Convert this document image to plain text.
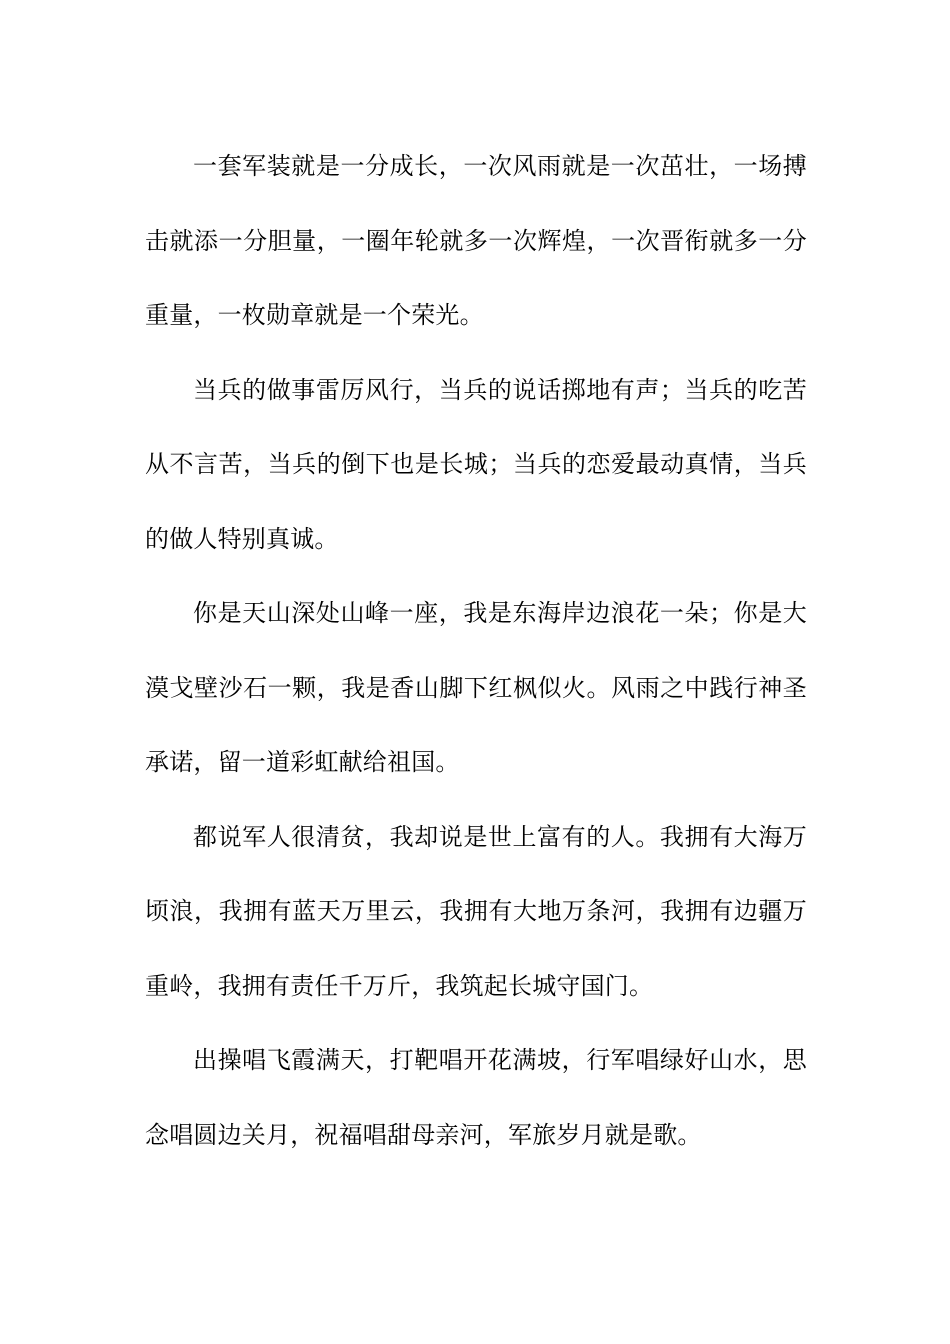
一套军装就是一分成长，一次风雨就是一次茁壮，一场搏击就添一分胆量，一圈年轮就多一次辉煌，一次晋衔就多一分重量，一枚勋章就是一个荣光。

当兵的做事雷厉风行，当兵的说话掷地有声；当兵的吃苦从不言苦，当兵的倒下也是长城；当兵的恋爱最动真情，当兵的做人特别真诚。

你是天山深处山峰一座，我是东海岸边浪花一朵；你是大漠戈壁沙石一颗，我是香山脚下红枫似火。风雨之中践行神圣承诺，留一道彩虹献给祖国。

都说军人很清贫，我却说是世上富有的人。我拥有大海万顷浪，我拥有蓝天万里云，我拥有大地万条河，我拥有边疆万重岭，我拥有责任千万斤，我筑起长城守国门。

出操唱飞霞满天，打靶唱开花满坡，行军唱绿好山水，思念唱圆边关月，祝福唱甜母亲河，军旅岁月就是歌。
